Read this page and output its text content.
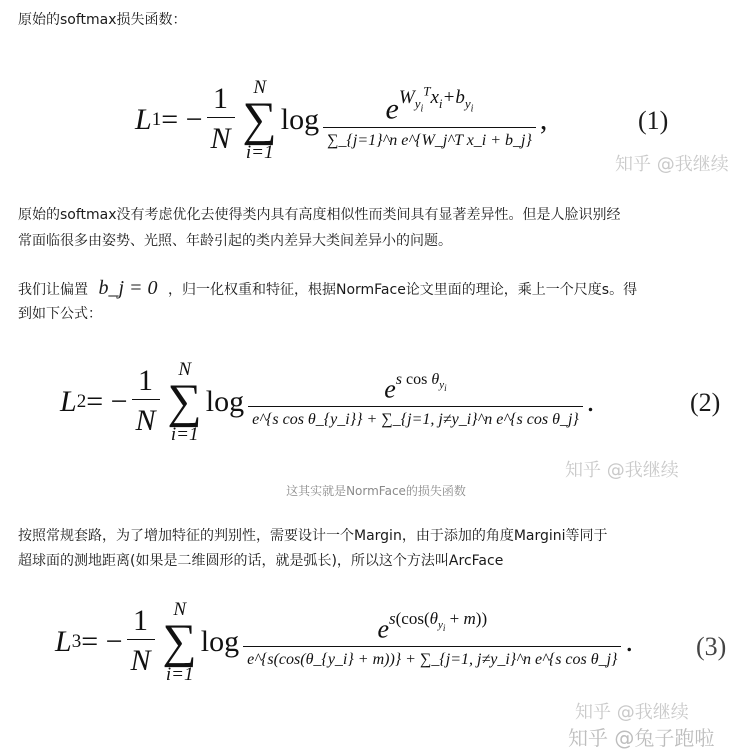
原始的softmax损失函数：
L 1 = − $\frac{1}{N}$ N
∑
i=1
$\log \frac{e^{W_{y_i}^Tx_i+b_{y_i}}}{\text{∑\_\{j=1\}\textasciicircum{}n e\textasciicircum{}\{W\_j\textasciicircum{}T x\_i + b\_j\}}}$ ,	(1)
知乎 @我继续
原始的softmax没有考虑优化去使得类内具有高度相似性而类间具有显著差异性。但是人脸识别经
常面临很多由姿势、光照、年龄引起的类内差异大类间差异小的问题。
我们让偏置 b_j = 0 ，归一化权重和特征，根据NormFace论文里面的理论，乘上一个尺度s。得
到如下公式：
L 2 = − $\frac{1}{N}$ N
∑
i=1
$\log \frac{e^{s cos \theta_{y_i}}}{\text{e\textasciicircum{}\{s cos θ\_\{y\_i\}\} + ∑\_\{j=1, j≠y\_i\}\textasciicircum{}n e\textasciicircum{}\{s cos θ\_j\}}}$ .	(2)
知乎 @我继续
这其实就是NormFace的损失函数
按照常规套路，为了增加特征的判别性，需要设计一个Margin，由于添加的角度Margini等同于
超球面的测地距离(如果是二维圆形的话，就是弧长)，所以这个方法叫ArcFace
L 3 = − $\frac{1}{N}$ N
∑
i=1
$\log \frac{e^{s(cos(\theta_{y_i} + m))}}{\text{e\textasciicircum{}\{s(cos(θ\_\{y\_i\} + m))\} + ∑\_\{j=1, j≠y\_i\}\textasciicircum{}n e\textasciicircum{}\{s cos θ\_j\}}}$ . (3)
知乎 @我继续
知乎 @兔子跑啦
